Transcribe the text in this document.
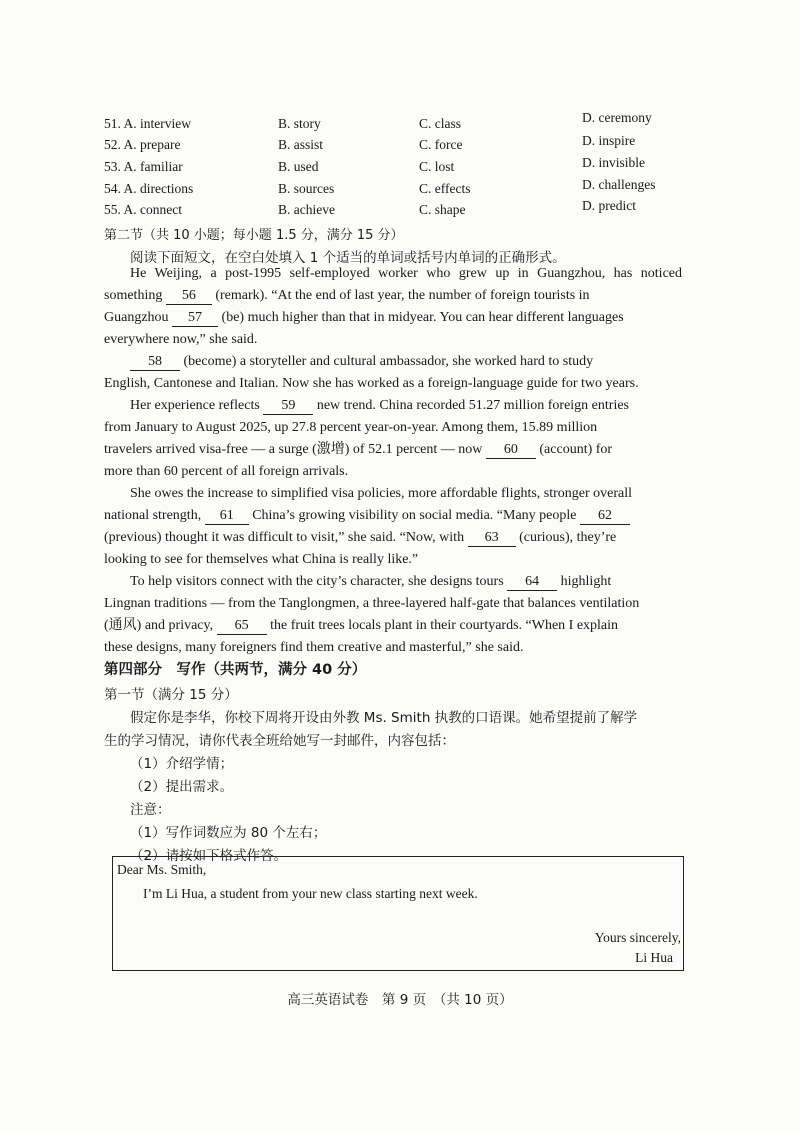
51. A. interview	B. story	C. class	D. ceremony
52. A. prepare	B. assist	C. force	D. inspire
53. A. familiar	B. used	C. lost	D. invisible
54. A. directions	B. sources	C. effects	D. challenges
55. A. connect	B. achieve	C. shape	D. predict
第二节（共 10 小题；每小题 1.5 分，满分 15 分）
阅读下面短文，在空白处填入 1 个适当的单词或括号内单词的正确形式。
He Weijing, a post-1995 self-employed worker who grew up in Guangzhou, has noticed
something 56 (remark). “At the end of last year, the number of foreign tourists in
Guangzhou 57 (be) much higher than that in midyear. You can hear different languages
everywhere now,” she said.
58 (become) a storyteller and cultural ambassador, she worked hard to study
English, Cantonese and Italian. Now she has worked as a foreign-language guide for two years.
Her experience reflects 59 new trend. China recorded 51.27 million foreign entries
from January to August 2025, up 27.8 percent year-on-year. Among them, 15.89 million
travelers arrived visa-free — a surge (激增) of 52.1 percent — now 60 (account) for
more than 60 percent of all foreign arrivals.
She owes the increase to simplified visa policies, more affordable flights, stronger overall
national strength, 61 China’s growing visibility on social media. “Many people 62
(previous) thought it was difficult to visit,” she said. “Now, with 63 (curious), they’re
looking to see for themselves what China is really like.”
To help visitors connect with the city’s character, she designs tours 64 highlight
Lingnan traditions — from the Tanglongmen, a three-layered half-gate that balances ventilation
(通风) and privacy, 65 the fruit trees locals plant in their courtyards. “When I explain
these designs, many foreigners find them creative and masterful,” she said.
第四部分　写作（共两节，满分 40 分）
第一节（满分 15 分）
假定你是李华，你校下周将开设由外教 Ms. Smith 执教的口语课。她希望提前了解学
生的学习情况，请你代表全班给她写一封邮件，内容包括：
（1）介绍学情；
（2）提出需求。
注意：
（1）写作词数应为 80 个左右；
（2）请按如下格式作答。
Dear Ms. Smith,
I’m Li Hua, a student from your new class starting next week.
Yours sincerely,
Li Hua
高三英语试卷　第 9 页　（共 10 页）
